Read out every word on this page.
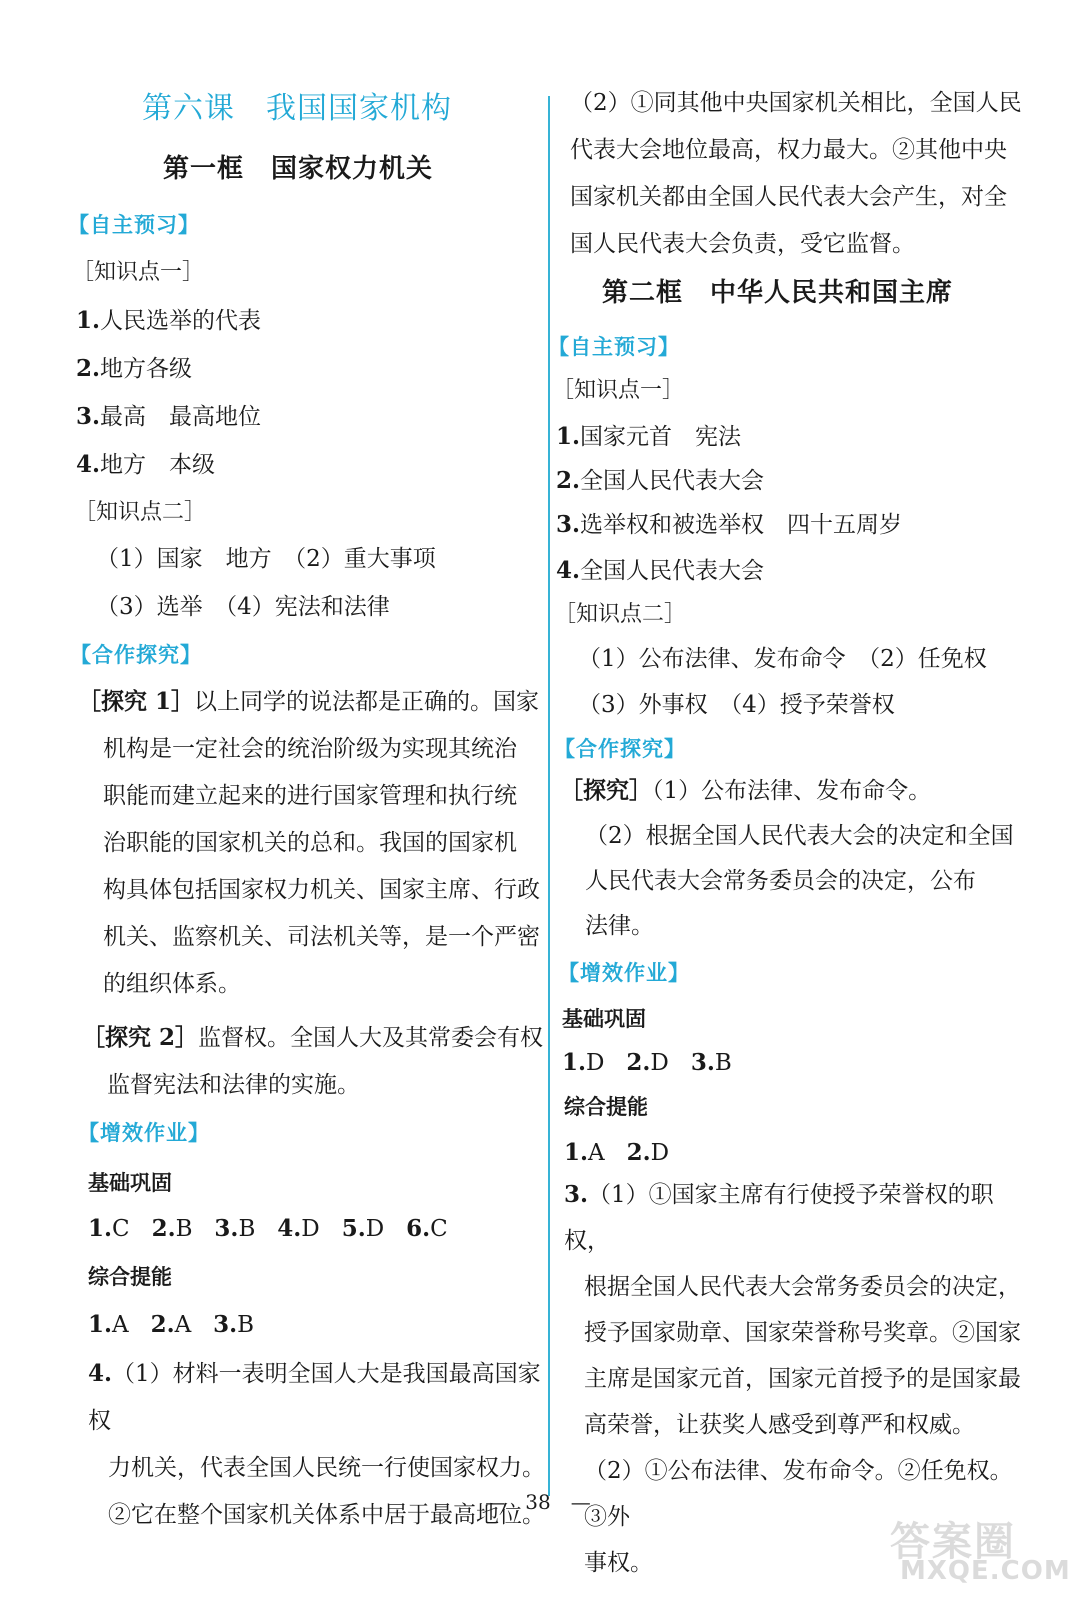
第六课　我国国家机构
第一框　国家权力机关
【自主预习】
［知识点一］
1.人民选举的代表
2.地方各级
3.最高　最高地位
4.地方　本级
［知识点二］
（1）国家　地方　（2）重大事项
（3）选举　（4）宪法和法律
【合作探究】
［探究 1］以上同学的说法都是正确的。国家
机构是一定社会的统治阶级为实现其统治
职能而建立起来的进行国家管理和执行统
治职能的国家机关的总和。我国的国家机
构具体包括国家权力机关、国家主席、行政
机关、监察机关、司法机关等，是一个严密
的组织体系。
［探究 2］监督权。全国人大及其常委会有权
监督宪法和法律的实施。
【增效作业】
基础巩固
1.C 2.B 3.B 4.D 5.D 6.C
综合提能
1.A 2.A 3.B
4.（1）材料一表明全国人大是我国最高国家权
力机关，代表全国人民统一行使国家权力。
②它在整个国家机关体系中居于最高地位。
（2）①同其他中央国家机关相比，全国人民
代表大会地位最高，权力最大。②其他中央
国家机关都由全国人民代表大会产生，对全
国人民代表大会负责，受它监督。
第二框　中华人民共和国主席
【自主预习】
［知识点一］
1.国家元首　宪法
2.全国人民代表大会
3.选举权和被选举权　四十五周岁
4.全国人民代表大会
［知识点二］
（1）公布法律、发布命令　（2）任免权
（3）外事权　（4）授予荣誉权
【合作探究】
［探究］（1）公布法律、发布命令。
（2）根据全国人民代表大会的决定和全国
人民代表大会常务委员会的决定，公布
法律。
【增效作业】
基础巩固
1.D 2.D 3.B
综合提能
1.A 2.D
3.（1）①国家主席有行使授予荣誉权的职权，
根据全国人民代表大会常务委员会的决定，
授予国家勋章、国家荣誉称号奖章。②国家
主席是国家元首，国家元首授予的是国家最
高荣誉，让获奖人感受到尊严和权威。
（2）①公布法律、发布命令。②任免权。③外
事权。
—　38　—
答案圈
MXQE.COM
